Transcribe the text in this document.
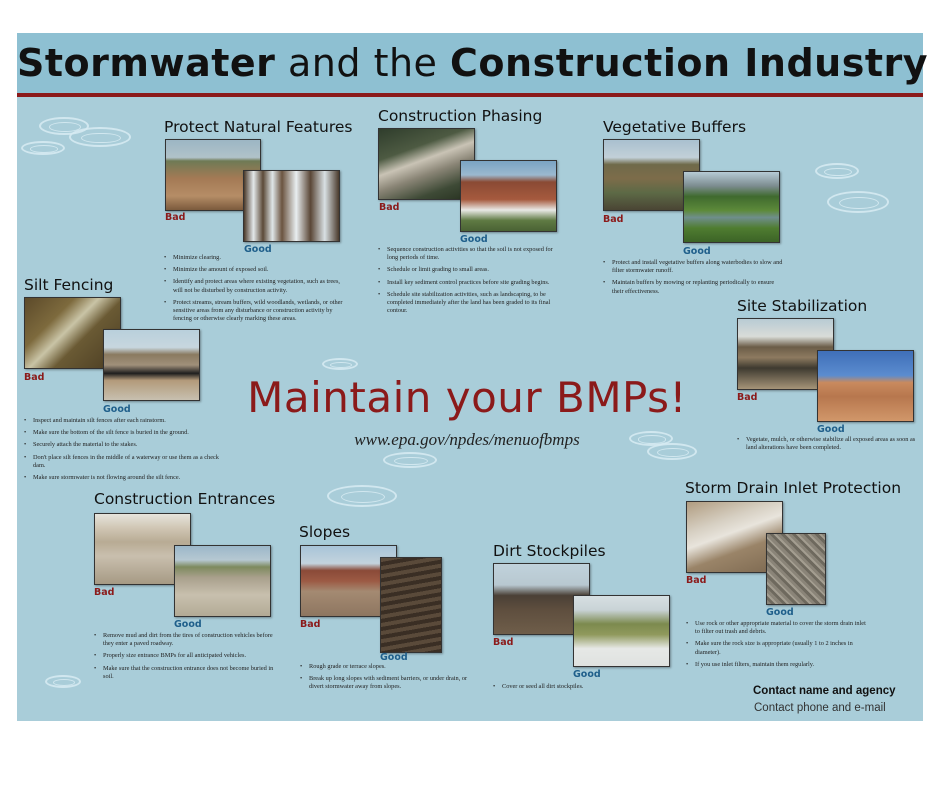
Stormwater and the Construction Industry
Protect Natural Features
Bad
Good
• Minimize clearing.
• Minimize the amount of exposed soil.
• Identify and protect areas where existing vegetation, such as trees, will not be disturbed by construction activity.
• Protect streams, stream buffers, wild woodlands, wetlands, or other sensitive areas from any disturbance or construction activity by fencing or otherwise clearly marking these areas.
Construction Phasing
Bad
Good
• Sequence construction activities so that the soil is not exposed for long periods of time.
• Schedule or limit grading to small areas.
• Install key sediment control practices before site grading begins.
• Schedule site stabilization activities, such as landscaping, to be completed immediately after the land has been graded to its final contour.
Vegetative Buffers
Bad
Good
• Protect and install vegetative buffers along waterbodies to slow and filter stormwater runoff.
• Maintain buffers by mowing or replanting periodically to ensure their effectiveness.
Silt Fencing
Bad
Good
• Inspect and maintain silt fences after each rainstorm.
• Make sure the bottom of the silt fence is buried in the ground.
• Securely attach the material to the stakes.
• Don't place silt fences in the middle of a waterway or use them as a check dam.
• Make sure stormwater is not flowing around the silt fence.
Maintain your BMPs!
www.epa.gov/npdes/menuofbmps
Site Stabilization
Bad
Good
• Vegetate, mulch, or otherwise stabilize all exposed areas as soon as land alterations have been completed.
Construction Entrances
Bad
Good
• Remove mud and dirt from the tires of construction vehicles before they enter a paved roadway.
• Properly size entrance BMPs for all anticipated vehicles.
• Make sure that the construction entrance does not become buried in soil.
Slopes
Bad
Good
• Rough grade or terrace slopes.
• Break up long slopes with sediment barriers, or under drain, or divert stormwater away from slopes.
Dirt Stockpiles
Bad
Good
• Cover or seed all dirt stockpiles.
Storm Drain Inlet Protection
Bad
Good
• Use rock or other appropriate material to cover the storm drain inlet to filter out trash and debris.
• Make sure the rock size is appropriate (usually 1 to 2 inches in diameter).
• If you use inlet filters, maintain them regularly.
Contact name and agency
Contact phone and e-mail
